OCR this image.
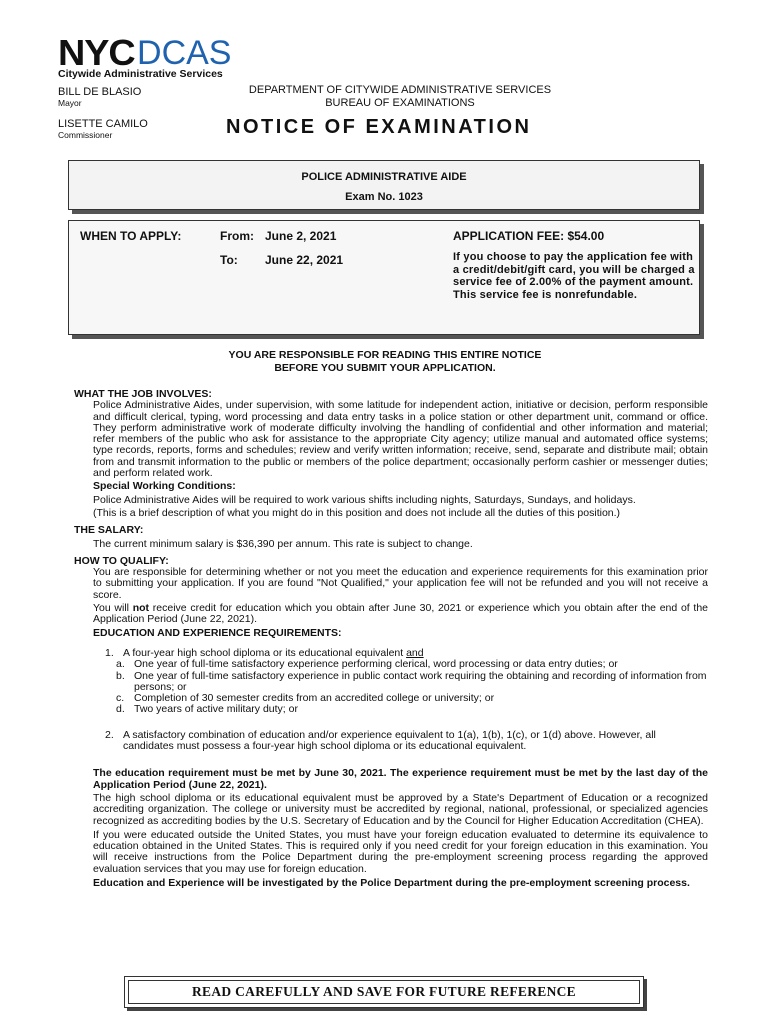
NYC DCAS
Citywide Administrative Services
BILL DE BLASIO
Mayor
LISETTE CAMILO
Commissioner
DEPARTMENT OF CITYWIDE ADMINISTRATIVE SERVICES
BUREAU OF EXAMINATIONS
NOTICE OF EXAMINATION
POLICE ADMINISTRATIVE AIDE
Exam No. 1023
WHEN TO APPLY:	From: June 2, 2021
To: June 22, 2021
APPLICATION FEE: $54.00
If you choose to pay the application fee with a credit/debit/gift card, you will be charged a service fee of 2.00% of the payment amount. This service fee is nonrefundable.
YOU ARE RESPONSIBLE FOR READING THIS ENTIRE NOTICE
BEFORE YOU SUBMIT YOUR APPLICATION.
WHAT THE JOB INVOLVES:

Police Administrative Aides, under supervision, with some latitude for independent action, initiative or decision, perform responsible and difficult clerical, typing, word processing and data entry tasks in a police station or other department unit, command or office. They perform administrative work of moderate difficulty involving the handling of confidential and other information and material; refer members of the public who ask for assistance to the appropriate City agency; utilize manual and automated office systems; type records, reports, forms and schedules; review and verify written information; receive, send, separate and distribute mail; obtain from and transmit information to the public or members of the police department; occasionally perform cashier or messenger duties; and perform related work.

Special Working Conditions:

Police Administrative Aides will be required to work various shifts including nights, Saturdays, Sundays, and holidays.

(This is a brief description of what you might do in this position and does not include all the duties of this position.)

THE SALARY:

The current minimum salary is $36,390 per annum. This rate is subject to change.

HOW TO QUALIFY:

You are responsible for determining whether or not you meet the education and experience requirements for this examination prior to submitting your application. If you are found "Not Qualified," your application fee will not be refunded and you will not receive a score.

You will not receive credit for education which you obtain after June 30, 2021 or experience which you obtain after the end of the Application Period (June 22, 2021).

EDUCATION AND EXPERIENCE REQUIREMENTS:
1. A four-year high school diploma or its educational equivalent and
a. One year of full-time satisfactory experience performing clerical, word processing or data entry duties; or
b. One year of full-time satisfactory experience in public contact work requiring the obtaining and recording of information from persons; or
c. Completion of 30 semester credits from an accredited college or university; or
d. Two years of active military duty; or
2. A satisfactory combination of education and/or experience equivalent to 1(a), 1(b), 1(c), or 1(d) above. However, all candidates must possess a four-year high school diploma or its educational equivalent.

The education requirement must be met by June 30, 2021. The experience requirement must be met by the last day of the Application Period (June 22, 2021).

The high school diploma or its educational equivalent must be approved by a State's Department of Education or a recognized accrediting organization. The college or university must be accredited by regional, national, professional, or specialized agencies recognized as accrediting bodies by the U.S. Secretary of Education and by the Council for Higher Education Accreditation (CHEA).

If you were educated outside the United States, you must have your foreign education evaluated to determine its equivalence to education obtained in the United States. This is required only if you need credit for your foreign education in this examination. You will receive instructions from the Police Department during the pre-employment screening process regarding the approved evaluation services that you may use for foreign education.

Education and Experience will be investigated by the Police Department during the pre-employment screening process.

READ CAREFULLY AND SAVE FOR FUTURE REFERENCE
